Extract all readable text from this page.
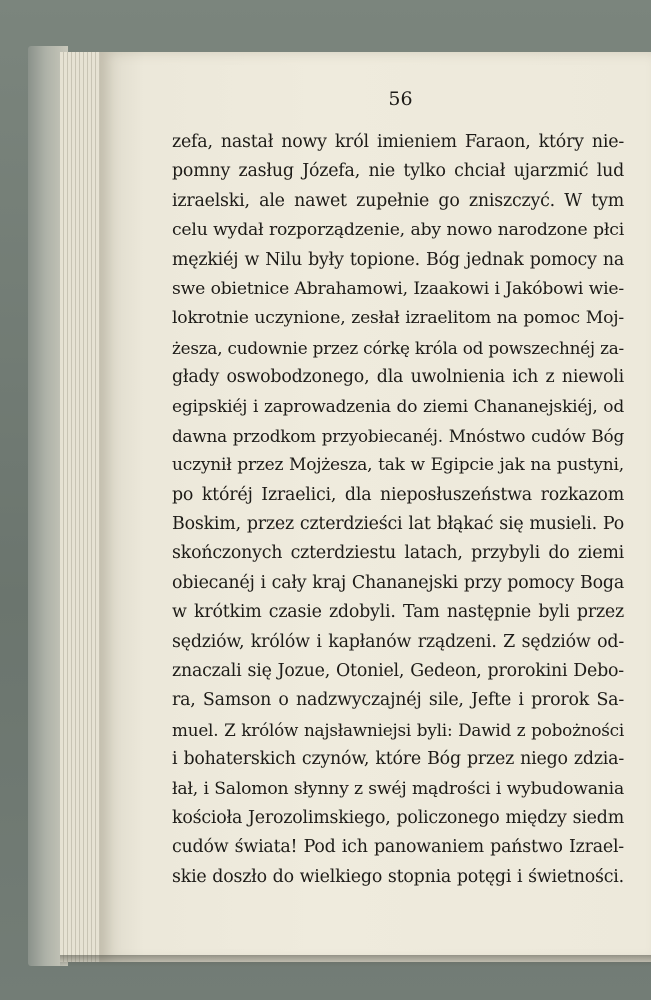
56
zefa, nastał nowy król imieniem Faraon, który nie-
pomny zasług Józefa, nie tylko chciał ujarzmić lud
izraelski, ale nawet zupełnie go zniszczyć. W tym
celu wydał rozporządzenie, aby nowo narodzone płci
męzkiéj w Nilu były topione. Bóg jednak pomocy na
swe obietnice Abrahamowi, Izaakowi i Jakóbowi wie-
lokrotnie uczynione, zesłał izraelitom na pomoc Moj-
żesza, cudownie przez córkę króla od powszechnéj za-
głady oswobodzonego, dla uwolnienia ich z niewoli
egipskiéj i zaprowadzenia do ziemi Chananejskiéj, od
dawna przodkom przyobiecanéj. Mnóstwo cudów Bóg
uczynił przez Mojżesza, tak w Egipcie jak na pustyni,
po któréj Izraelici, dla nieposłuszeństwa rozkazom
Boskim, przez czterdzieści lat błąkać się musieli. Po
skończonych czterdziestu latach, przybyli do ziemi
obiecanéj i cały kraj Chananejski przy pomocy Boga
w krótkim czasie zdobyli. Tam następnie byli przez
sędziów, królów i kapłanów rządzeni. Z sędziów od-
znaczali się Jozue, Otoniel, Gedeon, prorokini Debo-
ra, Samson o nadzwyczajnéj sile, Jefte i prorok Sa-
muel. Z królów najsławniejsi byli: Dawid z pobożności
i bohaterskich czynów, które Bóg przez niego zdzia-
łał, i Salomon słynny z swéj mądrości i wybudowania
kościoła Jerozolimskiego, policzonego między siedm
cudów świata! Pod ich panowaniem państwo Izrael-
skie doszło do wielkiego stopnia potęgi i świetności.
